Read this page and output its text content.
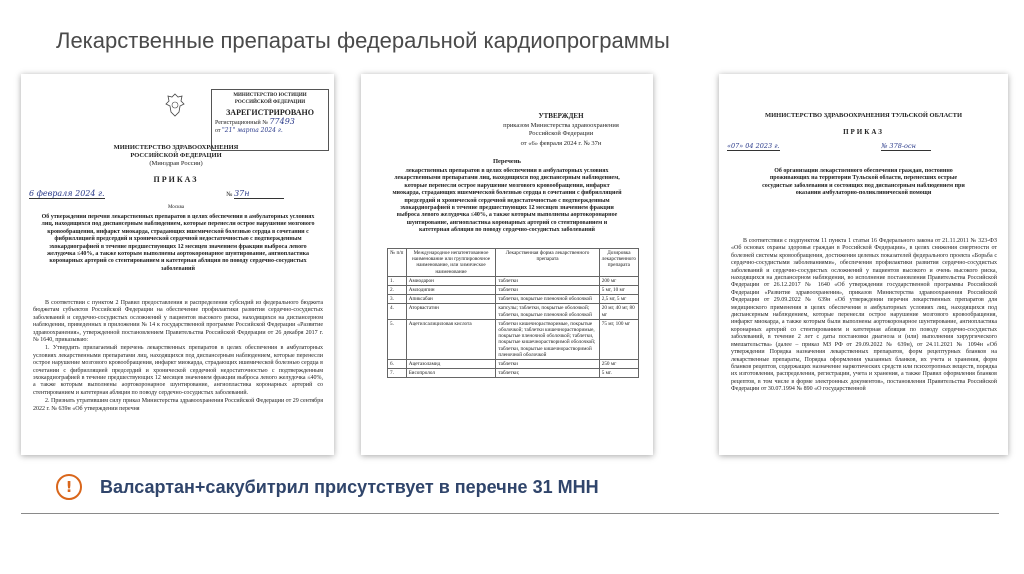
Лекарственные препараты федеральной кардиопрограммы
МИНИСТЕРСТВО ЮСТИЦИИ РОССИЙСКОЙ ФЕДЕРАЦИИ
ЗАРЕГИСТРИРОВАНО
Регистрационный № 77493
от "21" марта 2024 г.
МИНИСТЕРСТВО ЗДРАВООХРАНЕНИЯ РОССИЙСКОЙ ФЕДЕРАЦИИ
(Минздрав России)
ПРИКАЗ
6 февраля 2024 г.	№ 37н
Москва
Об утверждении перечня лекарственных препаратов в целях обеспечения в амбулаторных условиях лиц, находящихся под диспансерным наблюдением, которые перенесли острое нарушение мозгового кровообращения, инфаркт миокарда, страдающих ишемической болезнью сердца в сочетании с фибрилляцией предсердий и хронической сердечной недостаточностью с подтвержденным эхокардиографией в течение предшествующих 12 месяцев значением фракции выброса левого желудочка ≤40%, а также которым выполнены аортокоронарное шунтирование, ангиопластика коронарных артерий со стентированием и катетерная абляция по поводу сердечно-сосудистых заболеваний

В соответствии с пунктом 2 Правил предоставления и распределения субсидий из федерального бюджета бюджетам субъектов Российской Федерации на обеспечение профилактики развития сердечно-сосудистых заболеваний и сердечно-сосудистых осложнений у пациентов высокого риска, находящихся на диспансерном наблюдении, приведенных в приложении № 14 к государственной программе Российской Федерации «Развитие здравоохранения», утвержденной постановлением Правительства Российской Федерации от 26 декабря 2017 г. № 1640, приказываю:

1. Утвердить прилагаемый перечень лекарственных препаратов в целях обеспечения в амбулаторных условиях лекарственными препаратами лиц, находящихся под диспансерным наблюдением, которые перенесли острое нарушение мозгового кровообращения, инфаркт миокарда, страдающих ишемической болезнью сердца в сочетании с фибрилляцией предсердий и хронической сердечной недостаточностью с подтвержденным эхокардиографией в течение предшествующих 12 месяцев значением фракции выброса левого желудочка ≤40%, а также которым выполнены аортокоронарное шунтирование, ангиопластика коронарных артерий со стентированием и катетерная абляция по поводу сердечно-сосудистых заболеваний.

2. Признать утратившим силу приказ Министерства здравоохранения Российской Федерации от 29 сентября 2022 г. № 639н «Об утверждении перечня

УТВЕРЖДЕН
приказом Министерства здравоохранения Российской Федерации
от «6» февраля 2024 г. № 37н
Перечень
лекарственных препаратов в целях обеспечения в амбулаторных условиях лекарственными препаратами лиц, находящихся под диспансерным наблюдением, которые перенесли острое нарушение мозгового кровообращения, инфаркт миокарда, страдающих ишемической болезнью сердца в сочетании с фибрилляцией предсердий и хронической сердечной недостаточностью с подтвержденным эхокардиографией в течение предшествующих 12 месяцев значением фракции выброса левого желудочка ≤40%, а также которым выполнены аортокоронарное шунтирование, ангиопластика коронарных артерий со стентированием и катетерная абляция по поводу сердечно-сосудистых заболеваний
№ п/п	Международное непатентованное наименование или группировочное наименование, или химическое наименование	Лекарственная форма лекарственного препарата	Дозировка лекарственного препарата
1.	Амиодарон	таблетки	200 мг
2.	Амлодипин	таблетки	5 мг, 10 мг
3.	Апиксабан	таблетки, покрытые пленочной оболочкой	2,5 мг, 5 мг
4.	Аторвастатин	капсулы; таблетки, покрытые оболочкой; таблетки, покрытые пленочной оболочкой	20 мг, 40 мг, 80 мг
5.	Ацетилсалициловая кислота	таблетки кишечнорастворимые, покрытые оболочкой; таблетки кишечнорастворимые, покрытые пленочной оболочкой; таблетки, покрытые кишечнорастворимой оболочкой; таблетки, покрытые кишечнорастворимой пленочной оболочкой	75 мг, 100 мг
6.	Ацетазоламид	таблетки	250 мг
7.	Бисопролол	таблетки;	5 мг.
МИНИСТЕРСТВО ЗДРАВООХРАНЕНИЯ ТУЛЬСКОЙ ОБЛАСТИ
ПРИКАЗ
«07» 04 2023 г.	№ 378-осн
Об организации лекарственного обеспечения граждан, постоянно проживающих на территории Тульской области, перенесших острые сосудистые заболевания и состоящих под диспансерным наблюдением при оказании амбулаторно-поликлинической помощи

В соответствии с подпунктом 11 пункта 1 статьи 16 Федерального закона от 21.11.2011 № 323-ФЗ «Об основах охраны здоровья граждан в Российской Федерации», в целях снижения смертности от болезней системы кровообращения, достижения целевых показателей федерального проекта «Борьба с сердечно-сосудистыми заболеваниями», обеспечения профилактики развития сердечно-сосудистых заболеваний и сердечно-сосудистых осложнений у пациентов высокого и очень высокого риска, находящихся на диспансерном наблюдении, во исполнение постановления Правительства Российской Федерации от 26.12.2017 № 1640 «Об утверждении государственной программы Российской Федерации «Развитие здравоохранения», приказов Министерства здравоохранения Российской Федерации от 29.09.2022 № 639н «Об утверждении перечня лекарственных препаратов для медицинского применения в целях обеспечения в амбулаторных условиях лиц, находящихся под диспансерным наблюдением, которые перенесли острое нарушение мозгового кровообращения, инфаркт миокарда, а также которым были выполнены аортокоронарное шунтирование, ангиопластика коронарных артерий со стентированием и катетерная абляция по поводу сердечно-сосудистых заболеваний, в течение 2 лет с даты постановки диагноза и (или) выполнения хирургического вмешательства» (далее – приказ МЗ РФ от 29.09.2022 № 639н), от 24.11.2021 № 1094н «Об утверждении Порядка назначения лекарственных препаратов, форм рецептурных бланков на лекарственные препараты, Порядка оформления указанных бланков, их учета и хранения, форм бланков рецептов, содержащих назначение наркотических средств или психотропных веществ, порядка их изготовления, распределения, регистрации, учета и хранения, а также Правил оформления бланков рецептов, в том числе в форме электронных документов», постановления Правительства Российской Федерации от 30.07.1994 № 890 «О государственной

!	Валсартан+сакубитрил присутствует в перечне 31 МНН
